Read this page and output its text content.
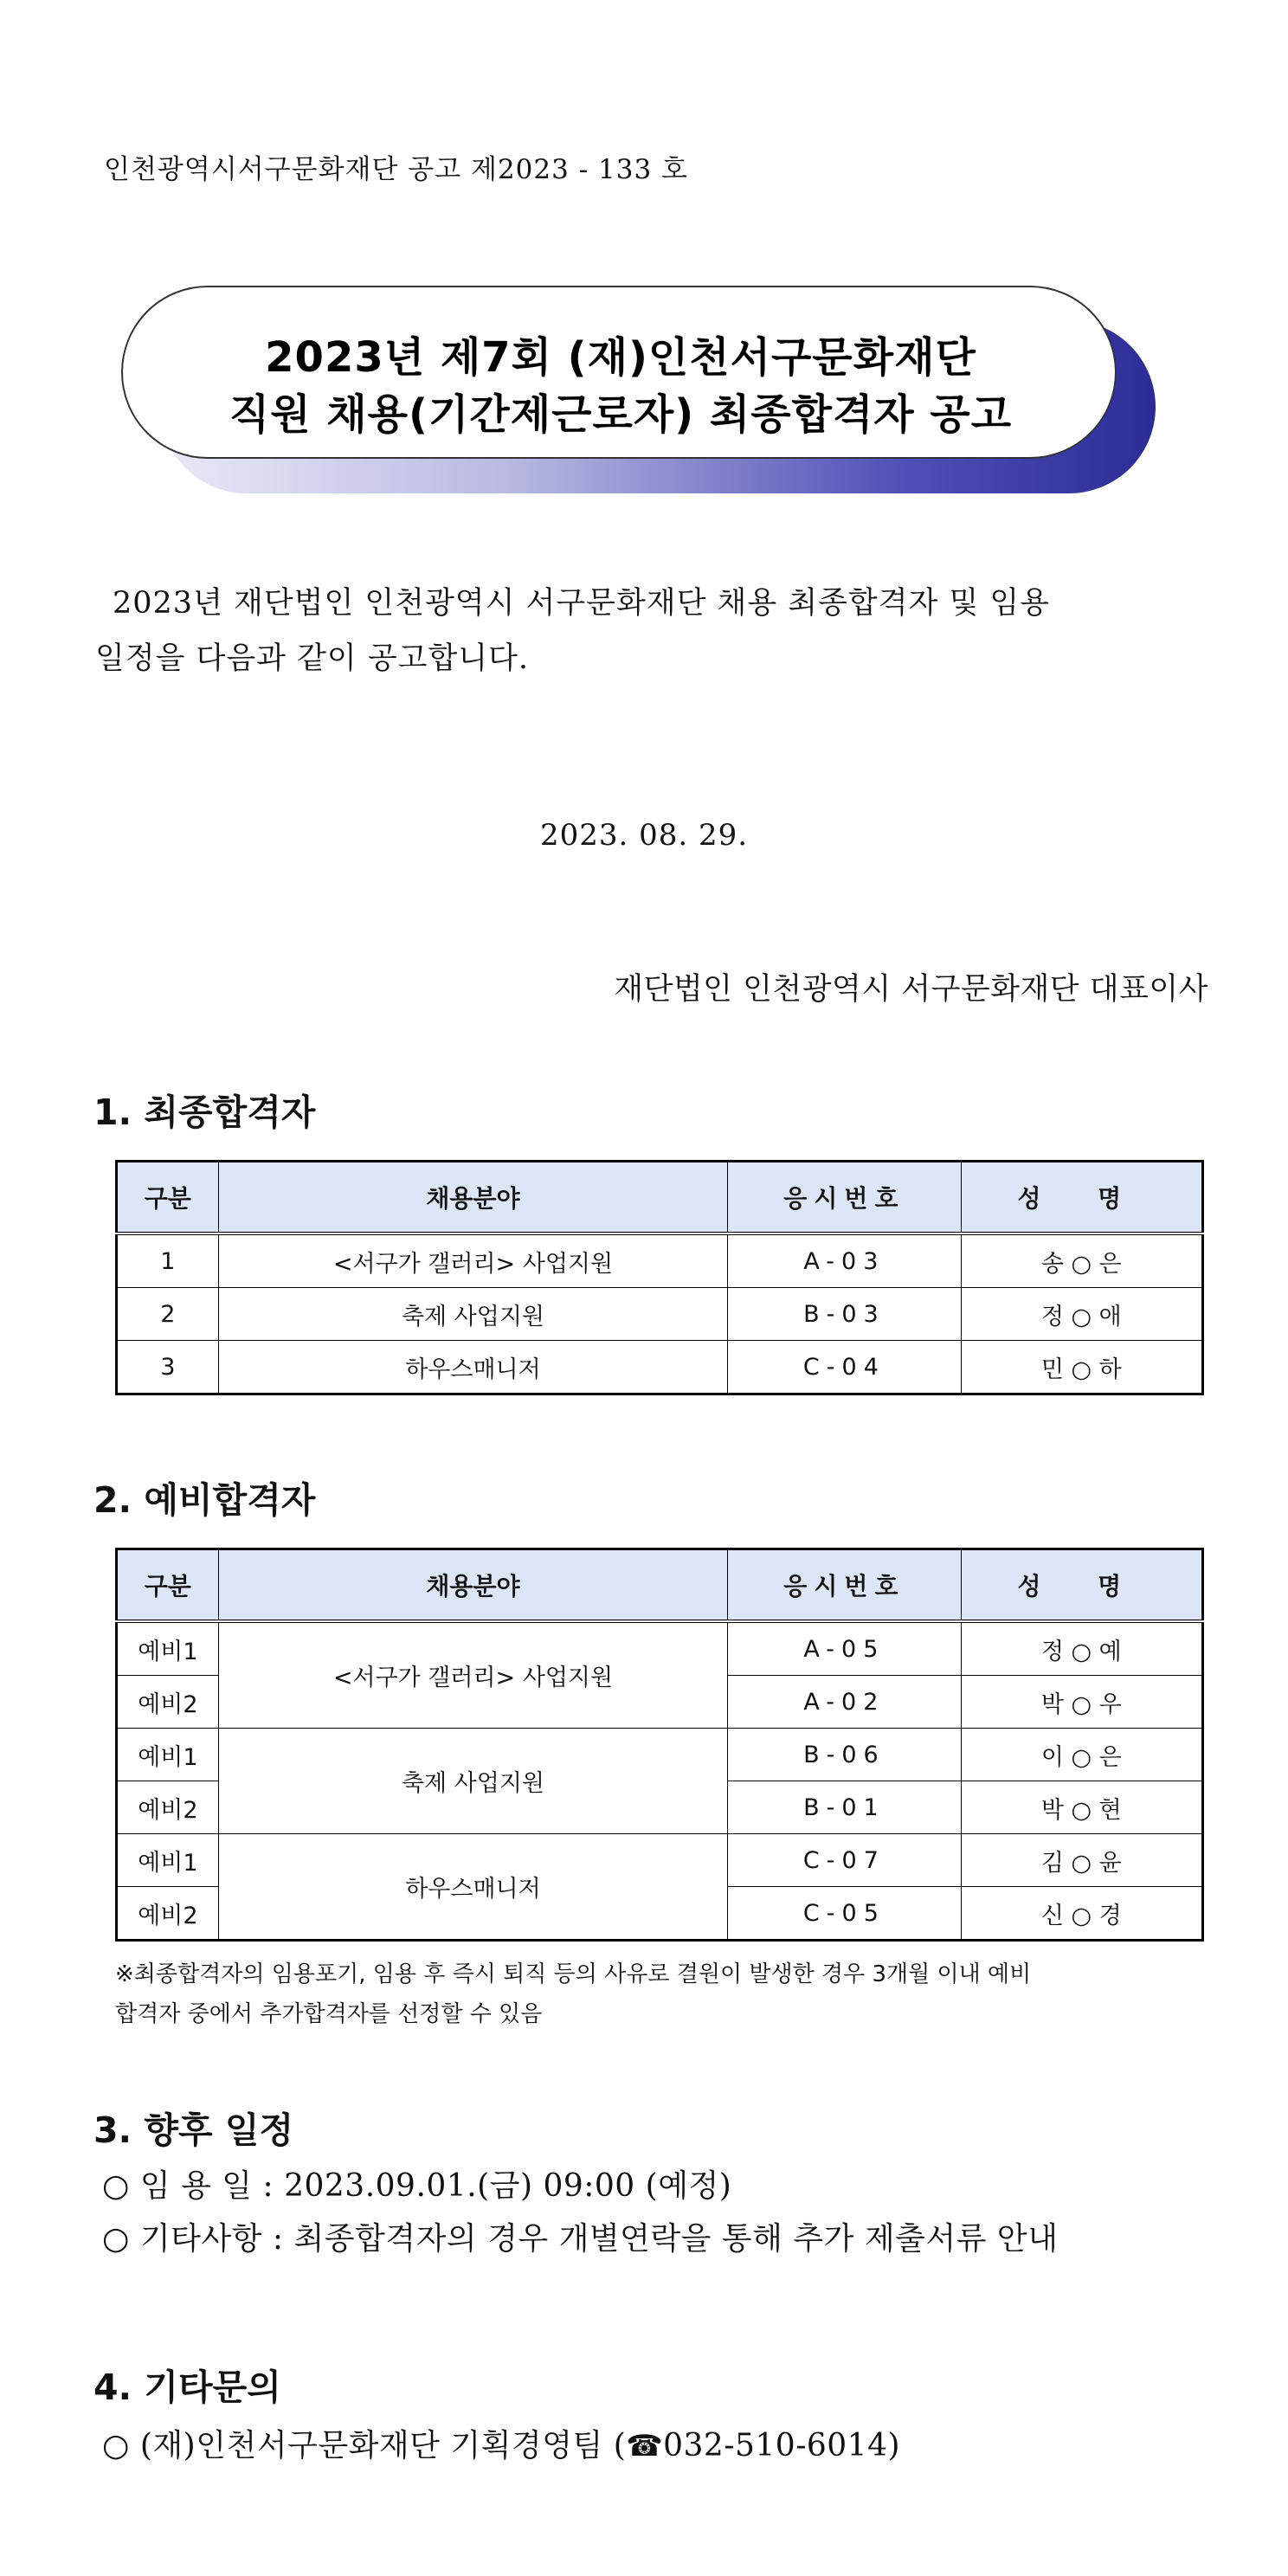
인천광역시서구문화재단 공고 제2023 - 133 호
2023년 제7회 (재)인천서구문화재단
직원 채용(기간제근로자) 최종합격자 공고
2023년 재단법인 인천광역시 서구문화재단 채용 최종합격자 및 임용
일정을 다음과 같이 공고합니다.
2023. 08. 29.
재단법인 인천광역시 서구문화재단 대표이사
1. 최종합격자
구분	채용분야	응시번호	성 명
1	<서구가 갤러리> 사업지원	A-03	송 ○ 은
2	축제 사업지원	B-03	정 ○ 애
3	하우스매니저	C-04	민 ○ 하
2. 예비합격자
구분	채용분야	응시번호	성 명
예비1	<서구가 갤러리> 사업지원	A-05	정 ○ 예
예비2		A-02	박 ○ 우
예비1	축제 사업지원	B-06	이 ○ 은
예비2		B-01	박 ○ 현
예비1	하우스매니저	C-07	김 ○ 윤
예비2		C-05	신 ○ 경
※최종합격자의 임용포기, 임용 후 즉시 퇴직 등의 사유로 결원이 발생한 경우 3개월 이내 예비
합격자 중에서 추가합격자를 선정할 수 있음
3. 향후 일정
○ 임 용 일 : 2023.09.01.(금) 09:00 (예정)
○ 기타사항 : 최종합격자의 경우 개별연락을 통해 추가 제출서류 안내
4. 기타문의
○ (재)인천서구문화재단 기획경영팀 (☎032-510-6014)
